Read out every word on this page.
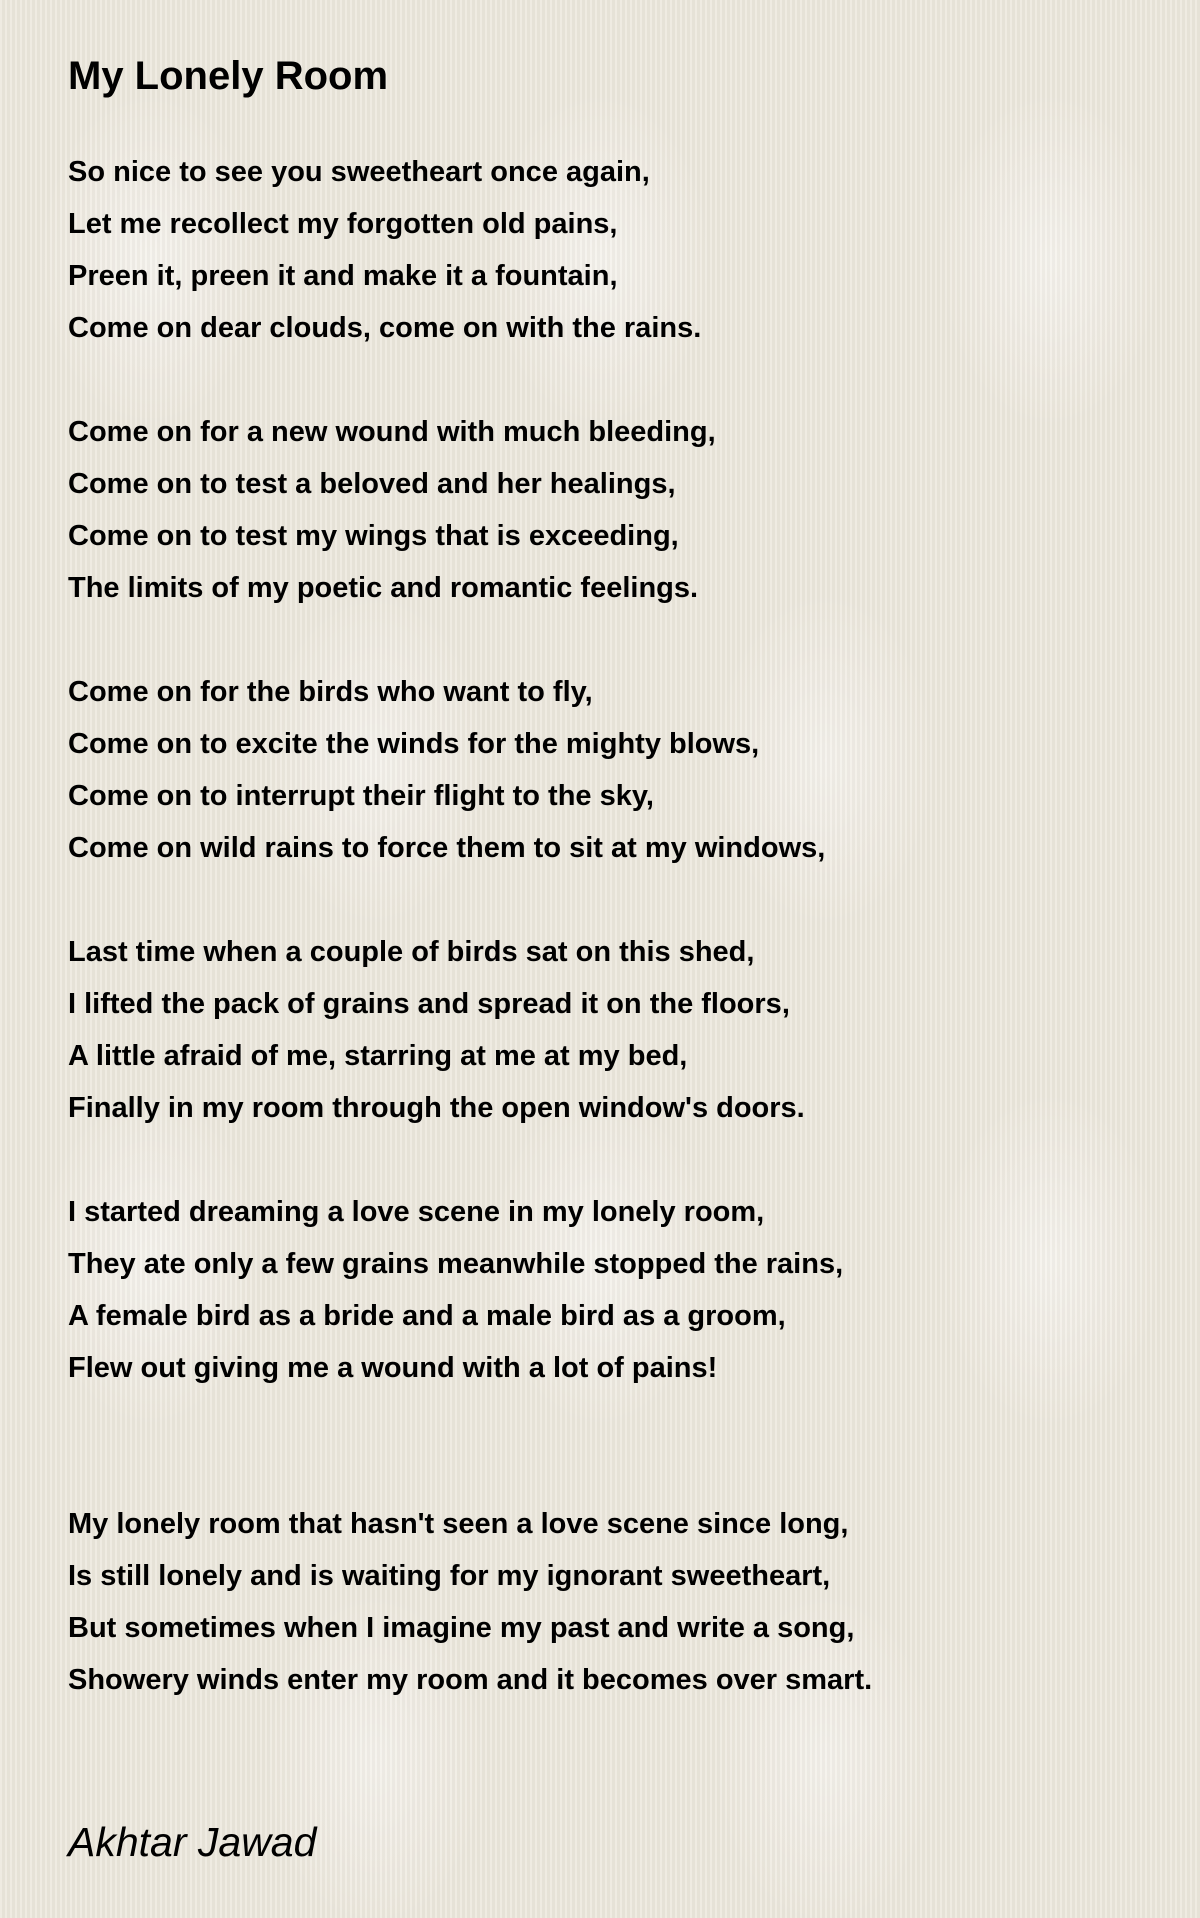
My Lonely Room
So nice to see you sweetheart once again,
Let me recollect my forgotten old pains,
Preen it, preen it and make it a fountain,
Come on dear clouds, come on with the rains.
Come on for a new wound with much bleeding,
Come on to test a beloved and her healings,
Come on to test my wings that is exceeding,
The limits of my poetic and romantic feelings.
Come on for the birds who want to fly,
Come on to excite the winds for the mighty blows,
Come on to interrupt their flight to the sky,
Come on wild rains to force them to sit at my windows,
Last time when a couple of birds sat on this shed,
I lifted the pack of grains and spread it on the floors,
A little afraid of me, starring at me at my bed,
Finally in my room through the open window's doors.
I started dreaming a love scene in my lonely room,
They ate only a few grains meanwhile stopped the rains,
A female bird as a bride and a male bird as a groom,
Flew out giving me a wound with a lot of pains!
My lonely room that hasn't seen a love scene since long,
Is still lonely and is waiting for my ignorant sweetheart,
But sometimes when I imagine my past and write a song,
Showery winds enter my room and it becomes over smart.
Akhtar Jawad
